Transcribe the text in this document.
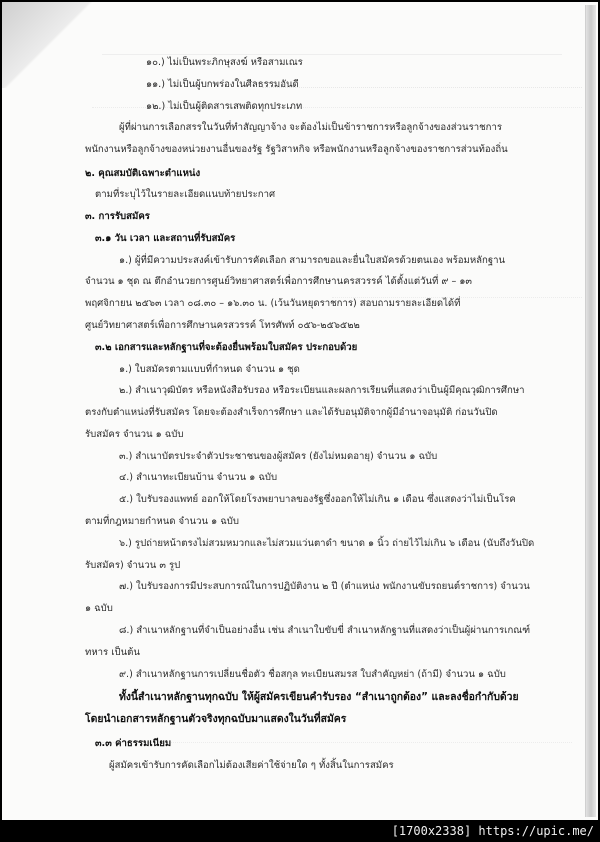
๑๐.) ไม่เป็นพระภิกษุสงฆ์ หรือสามเณร
๑๑.) ไม่เป็นผู้บกพร่องในศีลธรรมอันดี
๑๒.) ไม่เป็นผู้ติดสารเสพติดทุกประเภท
ผู้ที่ผ่านการเลือกสรรในวันที่ทำสัญญาจ้าง จะต้องไม่เป็นข้าราชการหรือลูกจ้างของส่วนราชการ
พนักงานหรือลูกจ้างของหน่วยงานอื่นของรัฐ รัฐวิสาหกิจ หรือพนักงานหรือลูกจ้างของราชการส่วนท้องถิ่น
๒. คุณสมบัติเฉพาะตำแหน่ง
ตามที่ระบุไว้ในรายละเอียดแนบท้ายประกาศ
๓. การรับสมัคร
๓.๑ วัน เวลา และสถานที่รับสมัคร
๑.) ผู้ที่มีความประสงค์เข้ารับการคัดเลือก สามารถขอและยื่นใบสมัครด้วยตนเอง พร้อมหลักฐาน
จำนวน ๑ ชุด ณ ตึกอำนวยการศูนย์วิทยาศาสตร์เพื่อการศึกษานครสวรรค์ ได้ตั้งแต่วันที่ ๙ – ๑๓
พฤศจิกายน ๒๕๖๓ เวลา ๐๘.๓๐ – ๑๖.๓๐ น. (เว้นวันหยุดราชการ) สอบถามรายละเอียดได้ที่
ศูนย์วิทยาศาสตร์เพื่อการศึกษานครสวรรค์ โทรศัพท์ ๐๕๖-๒๕๖๕๒๒
๓.๒ เอกสารและหลักฐานที่จะต้องยื่นพร้อมใบสมัคร ประกอบด้วย
๑.) ใบสมัครตามแบบที่กำหนด จำนวน ๑ ชุด
๒.) สำเนาวุฒิบัตร หรือหนังสือรับรอง หรือระเบียนและผลการเรียนที่แสดงว่าเป็นผู้มีคุณวุฒิการศึกษา
ตรงกับตำแหน่งที่รับสมัคร โดยจะต้องสำเร็จการศึกษา และได้รับอนุมัติจากผู้มีอำนาจอนุมัติ ก่อนวันปิด
รับสมัคร จำนวน ๑ ฉบับ
๓.) สำเนาบัตรประจำตัวประชาชนของผู้สมัคร (ยังไม่หมดอายุ) จำนวน ๑ ฉบับ
๔.) สำเนาทะเบียนบ้าน จำนวน ๑ ฉบับ
๕.) ใบรับรองแพทย์ ออกให้โดยโรงพยาบาลของรัฐซึ่งออกให้ไม่เกิน ๑ เดือน ซึ่งแสดงว่าไม่เป็นโรค
ตามที่กฎหมายกำหนด จำนวน ๑ ฉบับ
๖.) รูปถ่ายหน้าตรงไม่สวมหมวกและไม่สวมแว่นตาดำ ขนาด ๑ นิ้ว ถ่ายไว้ไม่เกิน ๖ เดือน (นับถึงวันปิด
รับสมัคร) จำนวน ๓ รูป
๗.) ใบรับรองการมีประสบการณ์ในการปฏิบัติงาน ๒ ปี (ตำแหน่ง พนักงานขับรถยนต์ราชการ) จำนวน
๑ ฉบับ
๘.) สำเนาหลักฐานที่จำเป็นอย่างอื่น เช่น สำเนาใบขับขี่ สำเนาหลักฐานที่แสดงว่าเป็นผู้ผ่านการเกณฑ์
ทหาร เป็นต้น
๙.) สำเนาหลักฐานการเปลี่ยนชื่อตัว ชื่อสกุล ทะเบียนสมรส ใบสำคัญหย่า (ถ้ามี) จำนวน ๑ ฉบับ
ทั้งนี้สำเนาหลักฐานทุกฉบับ ให้ผู้สมัครเขียนคำรับรอง “สำเนาถูกต้อง” และลงชื่อกำกับด้วย
โดยนำเอกสารหลักฐานตัวจริงทุกฉบับมาแสดงในวันที่สมัคร
๓.๓ ค่าธรรมเนียม
ผู้สมัครเข้ารับการคัดเลือกไม่ต้องเสียค่าใช้จ่ายใด ๆ ทั้งสิ้นในการสมัคร
[1700x2338] https://upic.me/
